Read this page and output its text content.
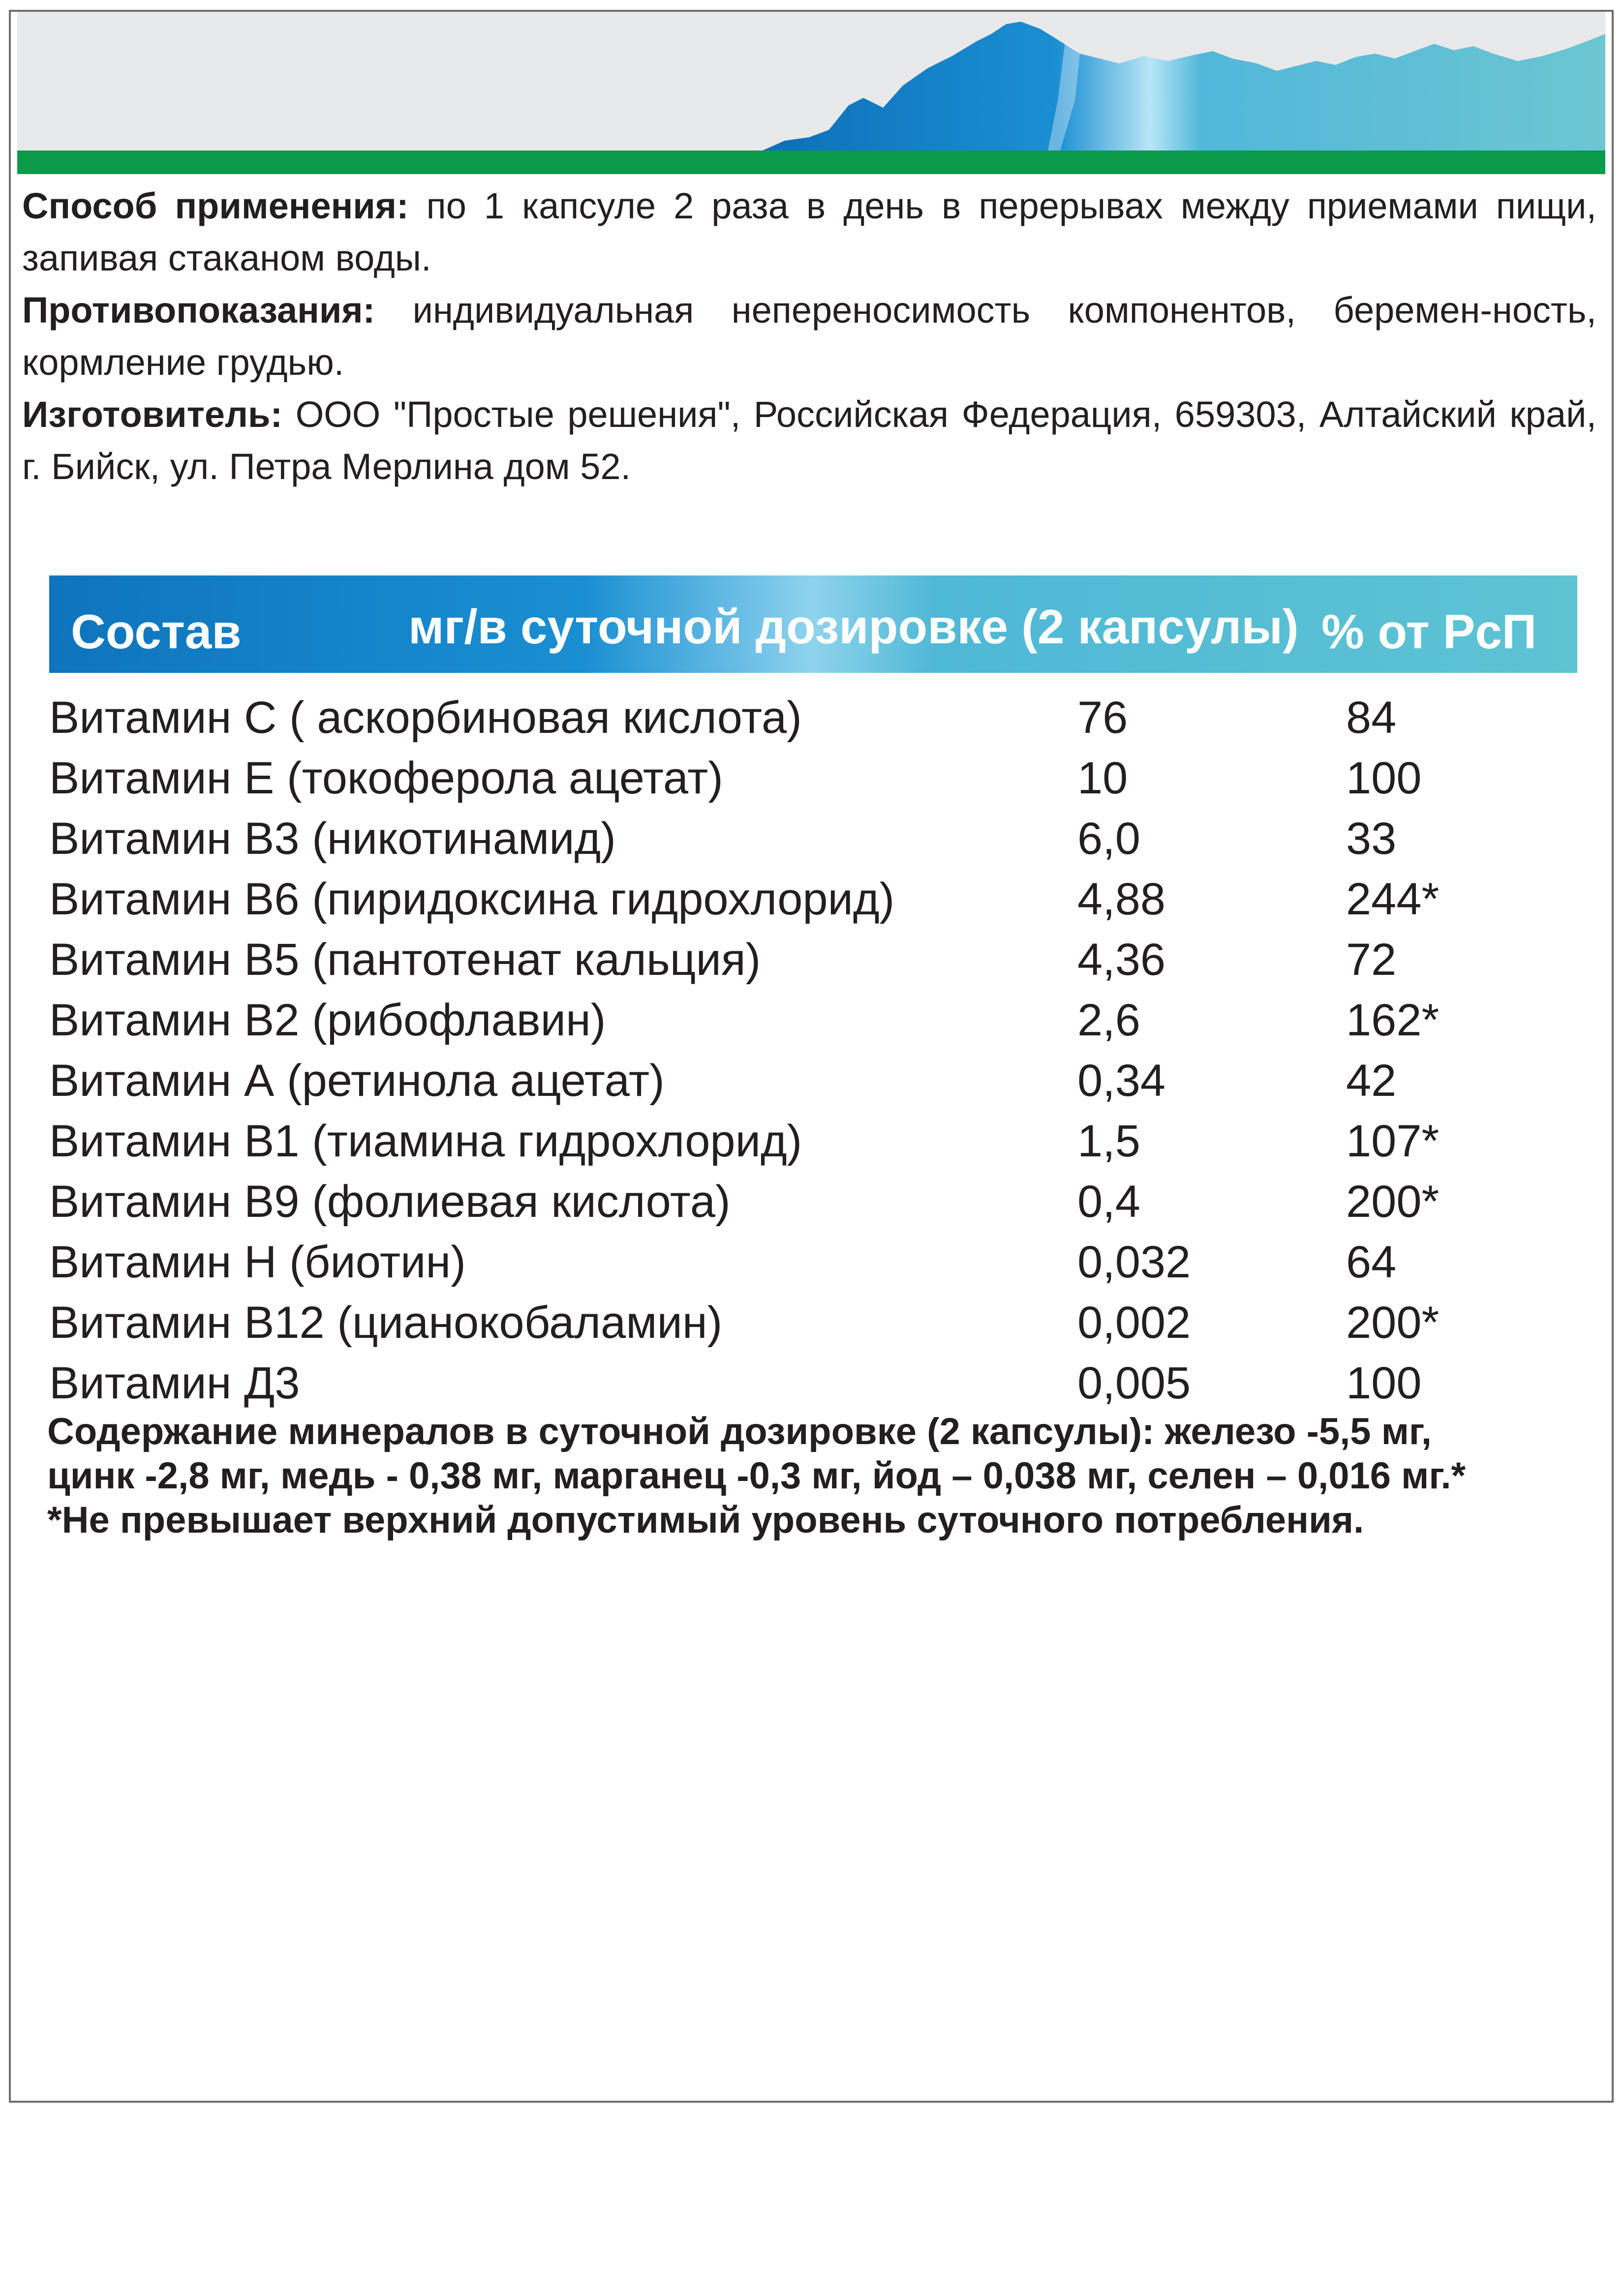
Способ применения: по 1 капсуле 2 раза в день в перерывах между приемами пищи, запивая стаканом воды.

Противопоказания: индивидуальная непереносимость компонентов, беремен-ность, кормление грудью.

Изготовитель: ООО "Простые решения", Российская Федерация, 659303, Алтайский край, г. Бийск, ул. Петра Мерлина дом 52.

Состав	мг/в суточной дозировке (2 капсулы) % от РсП
Витамин С ( аскорбиновая кислота)	76	84
Витамин Е (токоферола ацетат)	10	100
Витамин В3 (никотинамид)	6,0	33
Витамин В6 (пиридоксина гидрохлорид)	4,88	244*
Витамин В5 (пантотенат кальция)	4,36	72
Витамин В2 (рибофлавин)	2,6	162*
Витамин А (ретинола ацетат)	0,34	42
Витамин В1 (тиамина гидрохлорид)	1,5	107*
Витамин В9 (фолиевая кислота)	0,4	200*
Витамин Н (биотин)	0,032	64
Витамин В12 (цианокобаламин)	0,002	200*
Витамин Д3	0,005	100

Содержание минералов в суточной дозировке (2 капсулы): железо -5,5 мг,

цинк -2,8 мг, медь - 0,38 мг, марганец -0,3 мг, йод – 0,038 мг, селен – 0,016 мг.*

*Не превышает верхний допустимый уровень суточного потребления.
